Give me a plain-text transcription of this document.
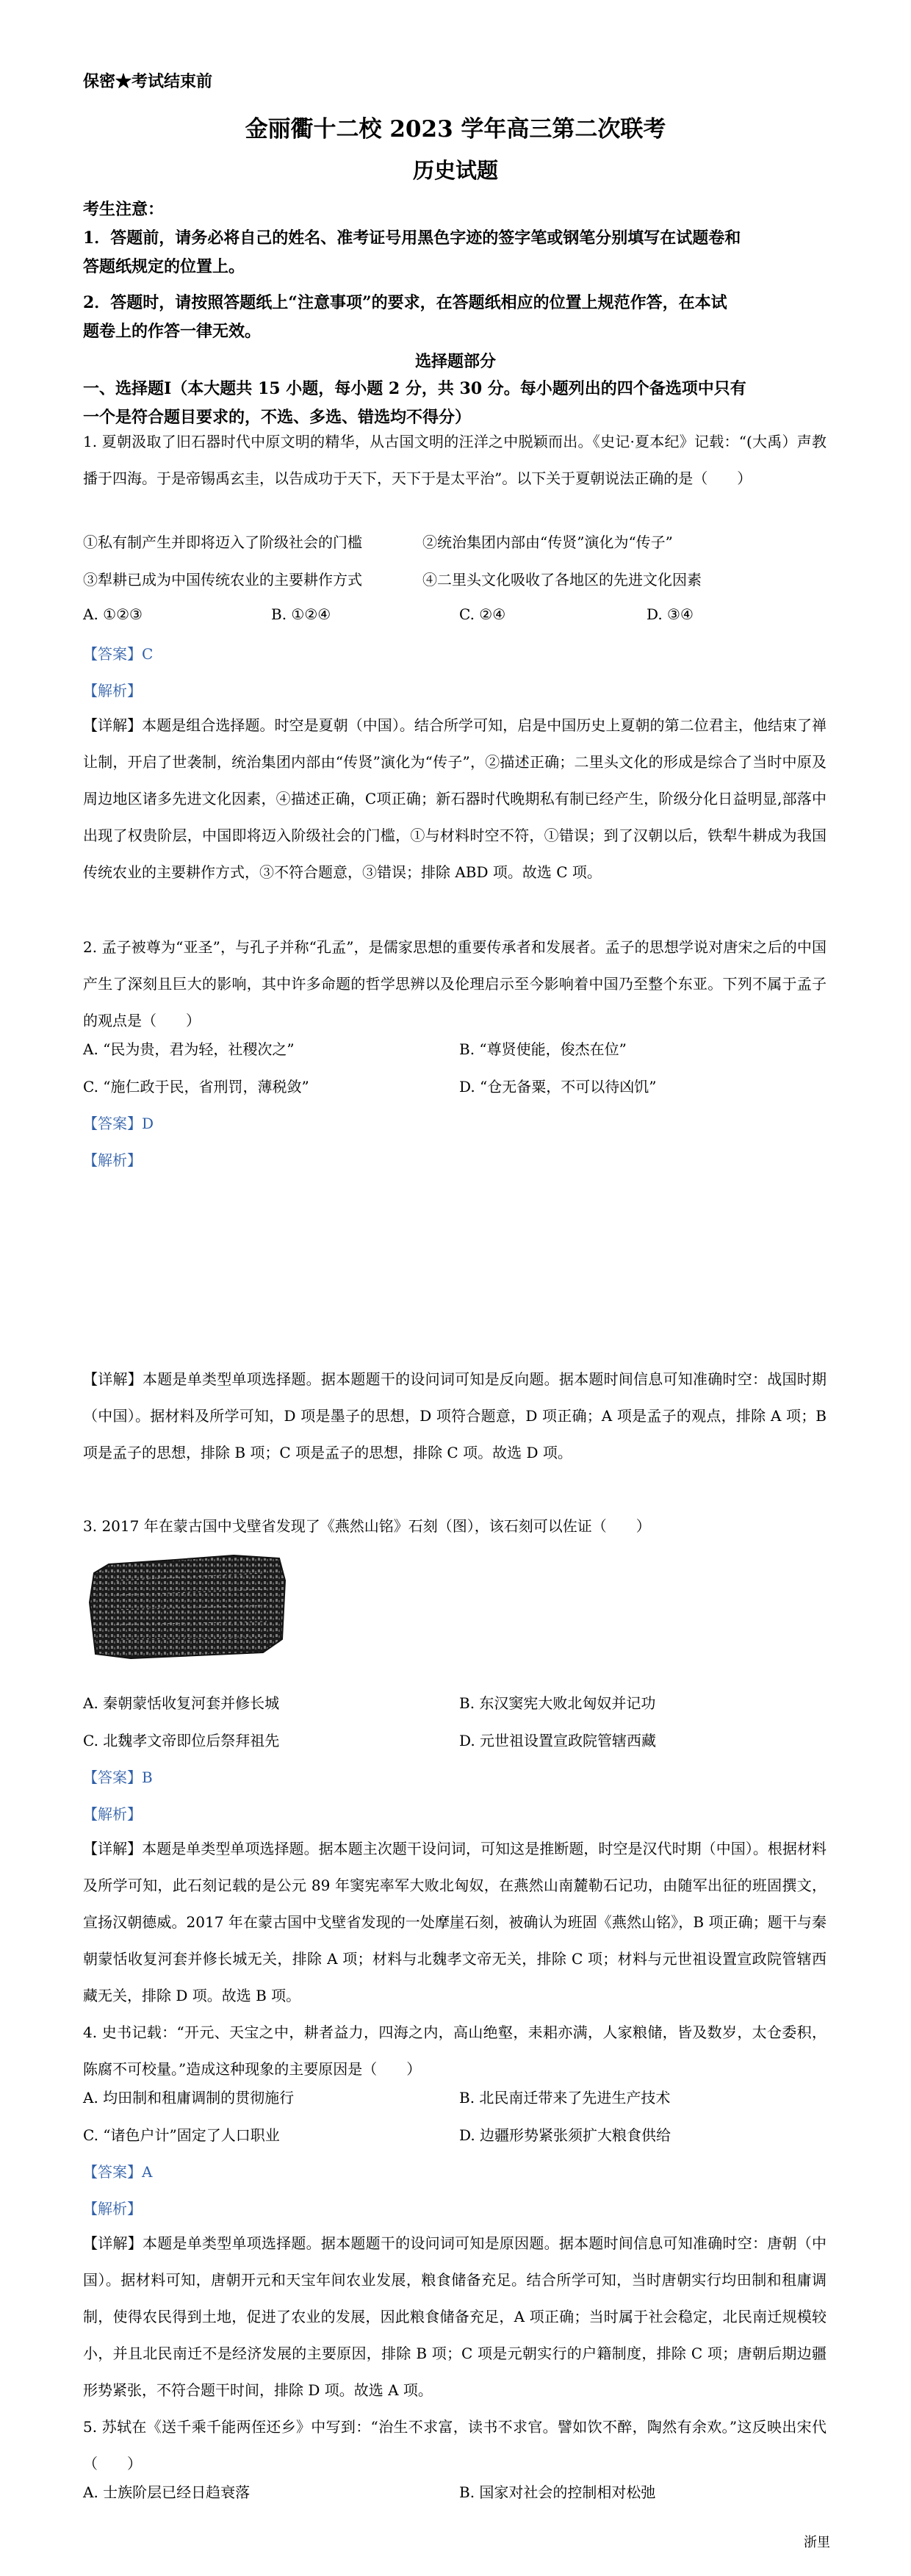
保密★考试结束前
金丽衢十二校 2023 学年高三第二次联考
历史试题
考生注意：
1．答题前，请务必将自己的姓名、准考证号用黑色字迹的签字笔或钢笔分别填写在试题卷和
答题纸规定的位置上。
2．答题时，请按照答题纸上“注意事项”的要求，在答题纸相应的位置上规范作答，在本试
题卷上的作答一律无效。
选择题部分
一、选择题Ⅰ（本大题共 15 小题，每小题 2 分，共 30 分。每小题列出的四个备选项中只有
一个是符合题目要求的，不选、多选、错选均不得分）
1. 夏朝汲取了旧石器时代中原文明的精华，从古国文明的汪洋之中脱颖而出。《史记·夏本纪》记载：“(大禹）声教播于四海。于是帝锡禹玄圭，以告成功于天下，天下于是太平治”。以下关于夏朝说法正确的是（　　）
①私有制产生并即将迈入了阶级社会的门槛	②统治集团内部由“传贤”演化为“传子”
③犁耕已成为中国传统农业的主要耕作方式	④二里头文化吸收了各地区的先进文化因素
A. ①②③	B. ①②④	C. ②④	D. ③④
【答案】C
【解析】
【详解】本题是组合选择题。时空是夏朝（中国）。结合所学可知，启是中国历史上夏朝的第二位君主，他结束了禅让制，开启了世袭制，统治集团内部由“传贤”演化为“传子”，②描述正确；二里头文化的形成是综合了当时中原及周边地区诸多先进文化因素，④描述正确，C项正确；新石器时代晚期私有制已经产生，阶级分化日益明显,部落中出现了权贵阶层，中国即将迈入阶级社会的门槛，①与材料时空不符，①错误；到了汉朝以后，铁犁牛耕成为我国传统农业的主要耕作方式，③不符合题意，③错误；排除 ABD 项。故选 C 项。
2. 孟子被尊为“亚圣”，与孔子并称“孔孟”，是儒家思想的重要传承者和发展者。孟子的思想学说对唐宋之后的中国产生了深刻且巨大的影响，其中许多命题的哲学思辨以及伦理启示至今影响着中国乃至整个东亚。下列不属于孟子的观点是（　　）
A. “民为贵，君为轻，社稷次之”	B. “尊贤使能，俊杰在位”
C. “施仁政于民，省刑罚，薄税敛”	D. “仓无备粟，不可以待凶饥”
【答案】D
【解析】
【详解】本题是单类型单项选择题。据本题题干的设问词可知是反向题。据本题时间信息可知准确时空：战国时期（中国）。据材料及所学可知，D 项是墨子的思想，D 项符合题意，D 项正确；A 项是孟子的观点，排除 A 项；B 项是孟子的思想，排除 B 项；C 项是孟子的思想，排除 C 项。故选 D 项。
3. 2017 年在蒙古国中戈壁省发现了《燕然山铭》石刻（图），该石刻可以佐证（　　）
A. 秦朝蒙恬收复河套并修长城	B. 东汉窦宪大败北匈奴并记功
C. 北魏孝文帝即位后祭拜祖先	D. 元世祖设置宣政院管辖西藏
【答案】B
【解析】
【详解】本题是单类型单项选择题。据本题主次题干设问词，可知这是推断题，时空是汉代时期（中国）。根据材料及所学可知，此石刻记载的是公元 89 年窦宪率军大败北匈奴，在燕然山南麓勒石记功，由随军出征的班固撰文，宣扬汉朝德威。2017 年在蒙古国中戈壁省发现的一处摩崖石刻，被确认为班固《燕然山铭》，B 项正确；题干与秦朝蒙恬收复河套并修长城无关，排除 A 项；材料与北魏孝文帝无关，排除 C 项；材料与元世祖设置宣政院管辖西藏无关，排除 D 项。故选 B 项。
4. 史书记载：“开元、天宝之中，耕者益力，四海之内，高山绝壑，耒耜亦满，人家粮储，皆及数岁，太仓委积，陈腐不可校量。”造成这种现象的主要原因是（　　）
A. 均田制和租庸调制的贯彻施行	B. 北民南迁带来了先进生产技术
C. “诸色户计”固定了人口职业	D. 边疆形势紧张须扩大粮食供给
【答案】A
【解析】
【详解】本题是单类型单项选择题。据本题题干的设问词可知是原因题。据本题时间信息可知准确时空：唐朝（中国）。据材料可知，唐朝开元和天宝年间农业发展，粮食储备充足。结合所学可知，当时唐朝实行均田制和租庸调制，使得农民得到土地，促进了农业的发展，因此粮食储备充足，A 项正确；当时属于社会稳定，北民南迁规模较小，并且北民南迁不是经济发展的主要原因，排除 B 项；C 项是元朝实行的户籍制度，排除 C 项；唐朝后期边疆形势紧张，不符合题干时间，排除 D 项。故选 A 项。
5. 苏轼在《送千乘千能两侄还乡》中写到：“治生不求富，读书不求官。譬如饮不醉，陶然有余欢。”这反映出宋代（　　）
A. 士族阶层已经日趋衰落	B. 国家对社会的控制相对松弛
浙里
